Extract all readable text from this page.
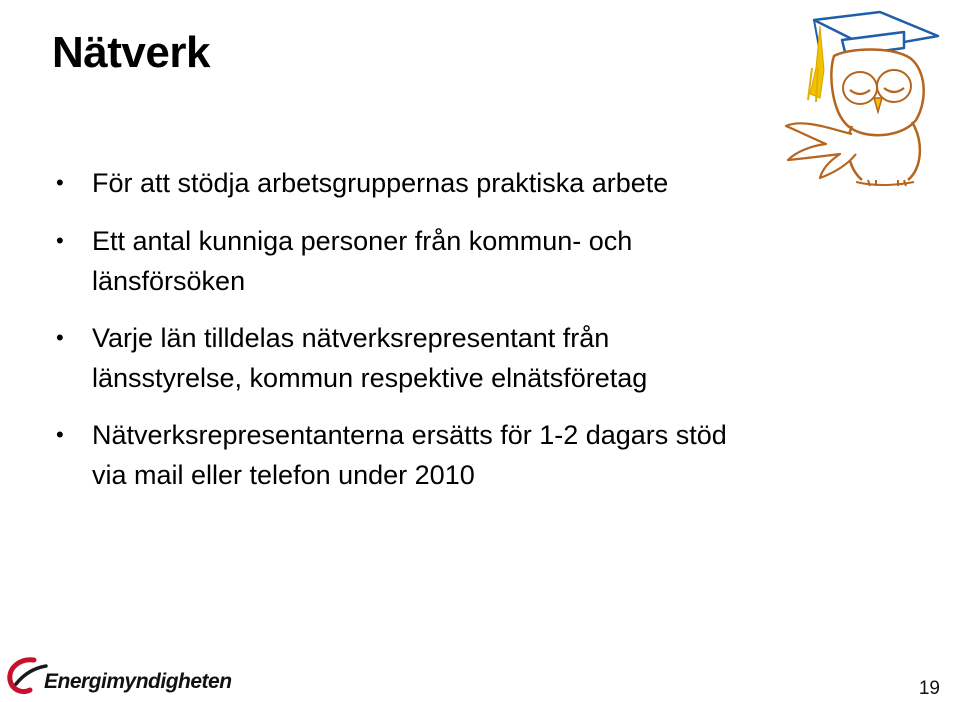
Nätverk
• För att stödja arbetsgruppernas praktiska arbete
• Ett antal kunniga personer från kommun- och
länsförsöken
• Varje län tilldelas nätverksrepresentant från
länsstyrelse, kommun respektive elnätsföretag
• Nätverksrepresentanterna ersätts för 1-2 dagars stöd
via mail eller telefon under 2010
Energimyndigheten	19
